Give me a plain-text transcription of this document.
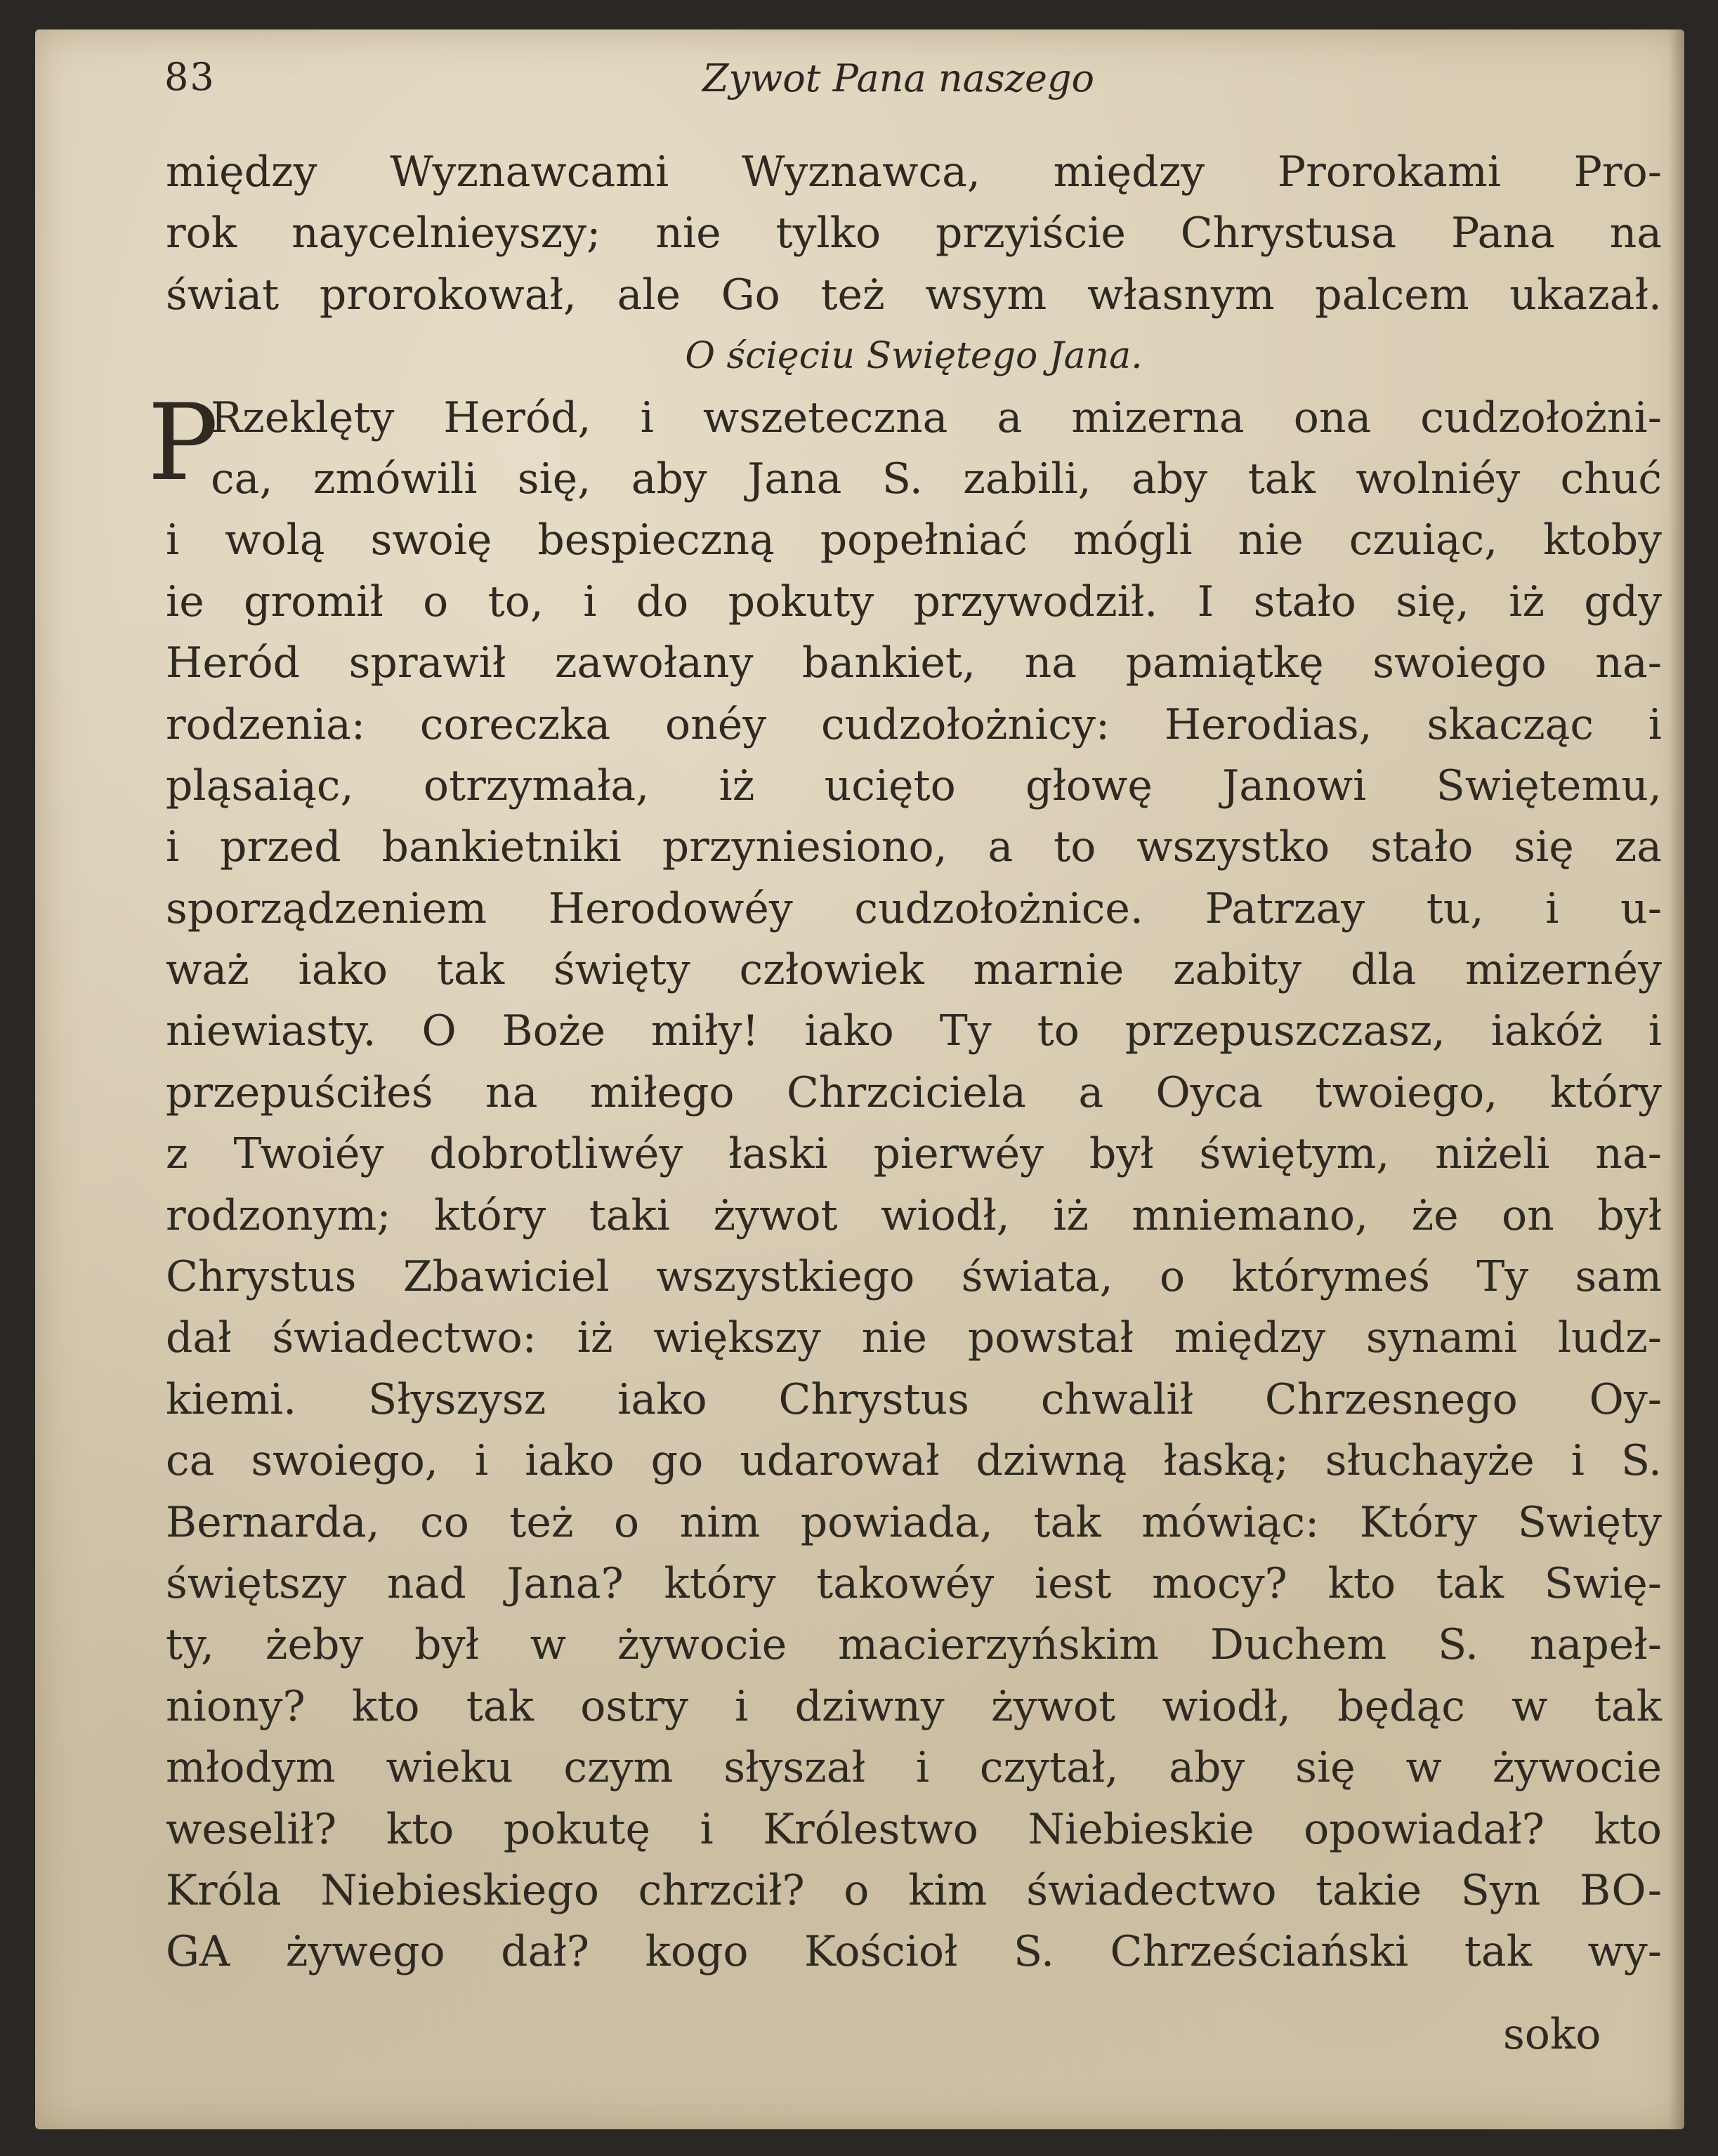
83	Zywot Pana naszego
między Wyznawcami Wyznawca, między Prorokami Pro-
rok naycelnieyszy; nie tylko przyiście Chrystusa Pana na
świat prorokował, ale Go też wsym własnym palcem ukazał.
O ścięciu Swiętego Jana.
P
Rzeklęty Heród, i wszeteczna a mizerna ona cudzołożni-
ca, zmówili się, aby Jana S. zabili, aby tak wolniéy chuć
i wolą swoię bespieczną popełniać mógli nie czuiąc, ktoby
ie gromił o to, i do pokuty przywodził. I stało się, iż gdy
Heród sprawił zawołany bankiet, na pamiątkę swoiego na-
rodzenia: coreczka onéy cudzołożnicy: Herodias, skacząc i
pląsaiąc, otrzymała, iż ucięto głowę Janowi Swiętemu,
i przed bankietniki przyniesiono, a to wszystko stało się za
sporządzeniem Herodowéy cudzołożnice. Patrzay tu, i u-
waż iako tak święty człowiek marnie zabity dla mizernéy
niewiasty. O Boże miły! iako Ty to przepuszczasz, iakóż i
przepuściłeś na miłego Chrzciciela a Oyca twoiego, który
z Twoiéy dobrotliwéy łaski pierwéy był świętym, niżeli na-
rodzonym; który taki żywot wiodł, iż mniemano, że on był
Chrystus Zbawiciel wszystkiego świata, o którymeś Ty sam
dał świadectwo: iż większy nie powstał między synami ludz-
kiemi. Słyszysz iako Chrystus chwalił Chrzesnego Oy-
ca swoiego, i iako go udarował dziwną łaską; słuchayże i S.
Bernarda, co też o nim powiada, tak mówiąc: Który Swięty
świętszy nad Jana? który takowéy iest mocy? kto tak Swię-
ty, żeby był w żywocie macierzyńskim Duchem S. napeł-
niony? kto tak ostry i dziwny żywot wiodł, będąc w tak
młodym wieku czym słyszał i czytał, aby się w żywocie
weselił? kto pokutę i Królestwo Niebieskie opowiadał? kto
Króla Niebieskiego chrzcił? o kim świadectwo takie Syn BO-
GA żywego dał? kogo Kościoł S. Chrześciański tak wy-
soko
